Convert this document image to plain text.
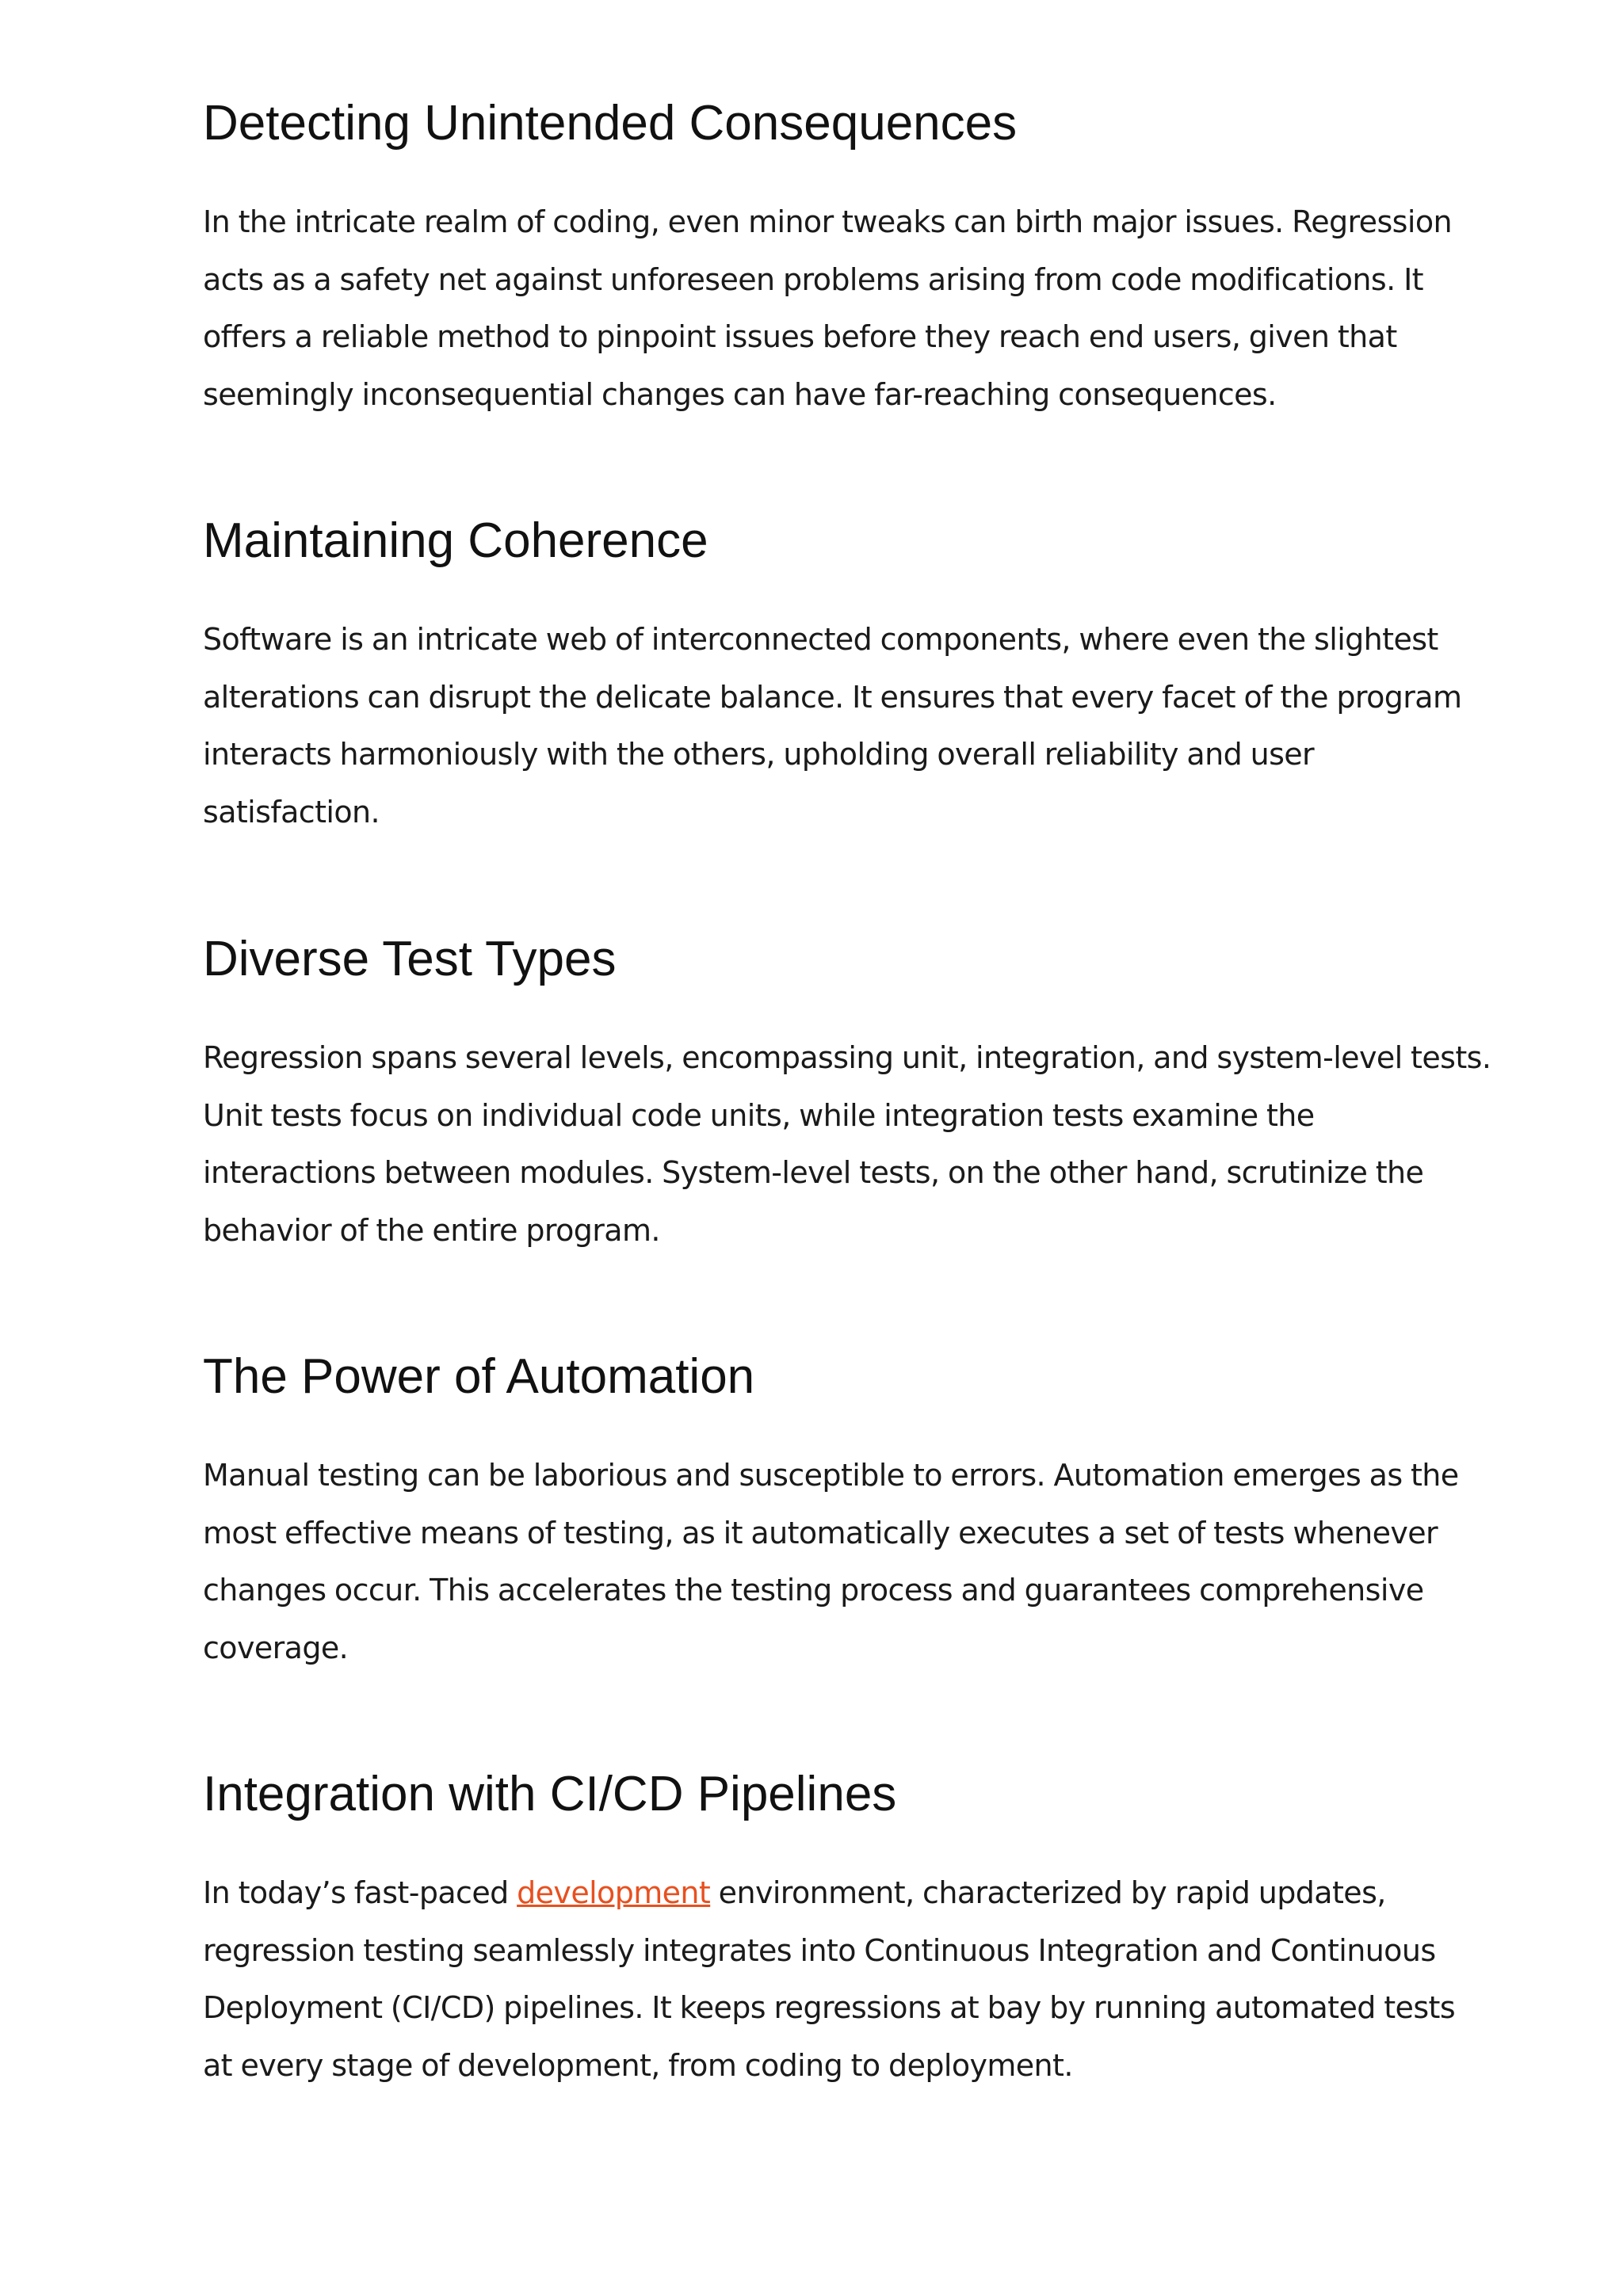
Detecting Unintended Consequences

In the intricate realm of coding, even minor tweaks can birth major issues. Regression
acts as a safety net against unforeseen problems arising from code modifications. It
offers a reliable method to pinpoint issues before they reach end users, given that
seemingly inconsequential changes can have far-reaching consequences.

Maintaining Coherence

Software is an intricate web of interconnected components, where even the slightest
alterations can disrupt the delicate balance. It ensures that every facet of the program
interacts harmoniously with the others, upholding overall reliability and user
satisfaction.

Diverse Test Types

Regression spans several levels, encompassing unit, integration, and system-level tests.
Unit tests focus on individual code units, while integration tests examine the
interactions between modules. System-level tests, on the other hand, scrutinize the
behavior of the entire program.

The Power of Automation

Manual testing can be laborious and susceptible to errors. Automation emerges as the
most effective means of testing, as it automatically executes a set of tests whenever
changes occur. This accelerates the testing process and guarantees comprehensive
coverage.

Integration with CI/CD Pipelines

In today’s fast-paced development environment, characterized by rapid updates,
regression testing seamlessly integrates into Continuous Integration and Continuous
Deployment (CI/CD) pipelines. It keeps regressions at bay by running automated tests
at every stage of development, from coding to deployment.
